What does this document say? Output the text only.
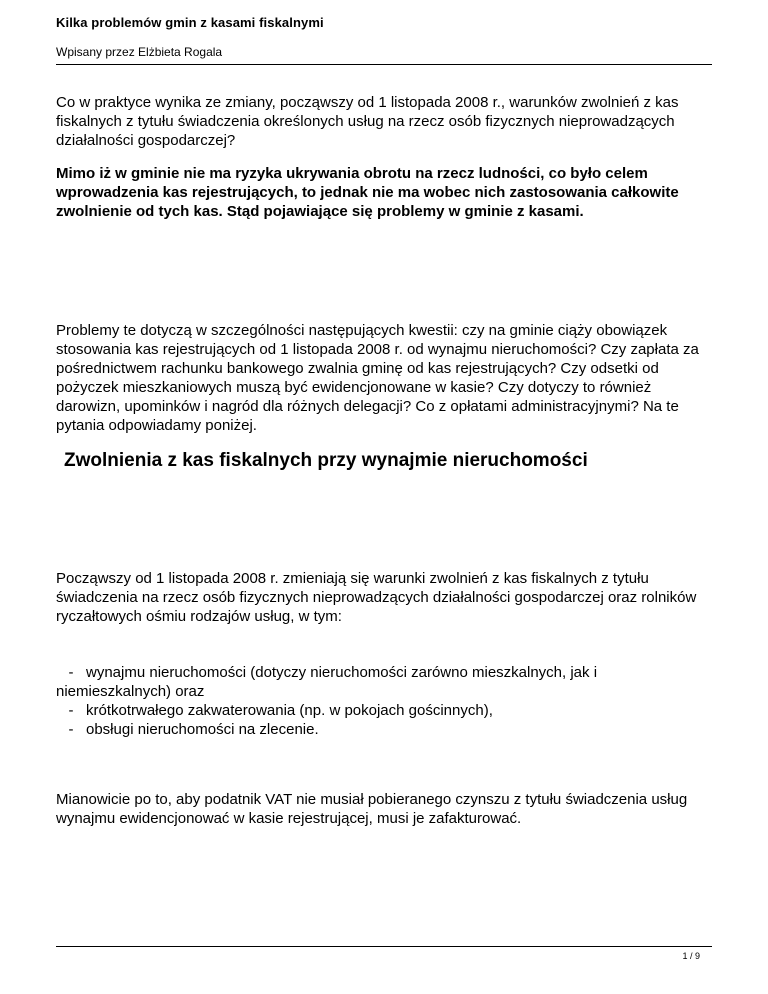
Kilka problemów gmin z kasami fiskalnymi
Wpisany przez Elżbieta Rogala

Co w praktyce wynika ze zmiany, począwszy od 1 listopada 2008 r., warunków zwolnień z kas fiskalnych z tytułu świadczenia określonych usług na rzecz osób fizycznych nieprowadzących działalności gospodarczej?

Mimo iż w gminie nie ma ryzyka ukrywania obrotu na rzecz ludności, co było celem wprowadzenia kas rejestrujących, to jednak nie ma wobec nich zastosowania całkowite zwolnienie od tych kas. Stąd pojawiające się problemy w gminie z kasami.

Problemy te dotyczą w szczególności następujących kwestii: czy na gminie ciąży obowiązek stosowania kas rejestrujących od 1 listopada 2008 r. od wynajmu nieruchomości? Czy zapłata za pośrednictwem rachunku bankowego zwalnia gminę od kas rejestrujących? Czy odsetki od pożyczek mieszkaniowych muszą być ewidencjonowane w kasie? Czy dotyczy to również darowizn, upominków i nagród dla różnych delegacji? Co z opłatami administracyjnymi? Na te pytania odpowiadamy poniżej.

Zwolnienia z kas fiskalnych przy wynajmie nieruchomości

Począwszy od 1 listopada 2008 r. zmieniają się warunki zwolnień z kas fiskalnych z tytułu świadczenia na rzecz osób fizycznych nieprowadzących działalności gospodarczej oraz rolników ryczałtowych ośmiu rodzajów usług, w tym:

-   wynajmu nieruchomości (dotyczy nieruchomości zarówno mieszkalnych, jak i
niemieszkalnych) oraz
-   krótkotrwałego zakwaterowania (np. w pokojach gościnnych),
-   obsługi nieruchomości na zlecenie.

Mianowicie po to, aby podatnik VAT nie musiał pobieranego czynszu z tytułu świadczenia usług wynajmu ewidencjonować w kasie rejestrującej, musi je zafakturować.

1 / 9
